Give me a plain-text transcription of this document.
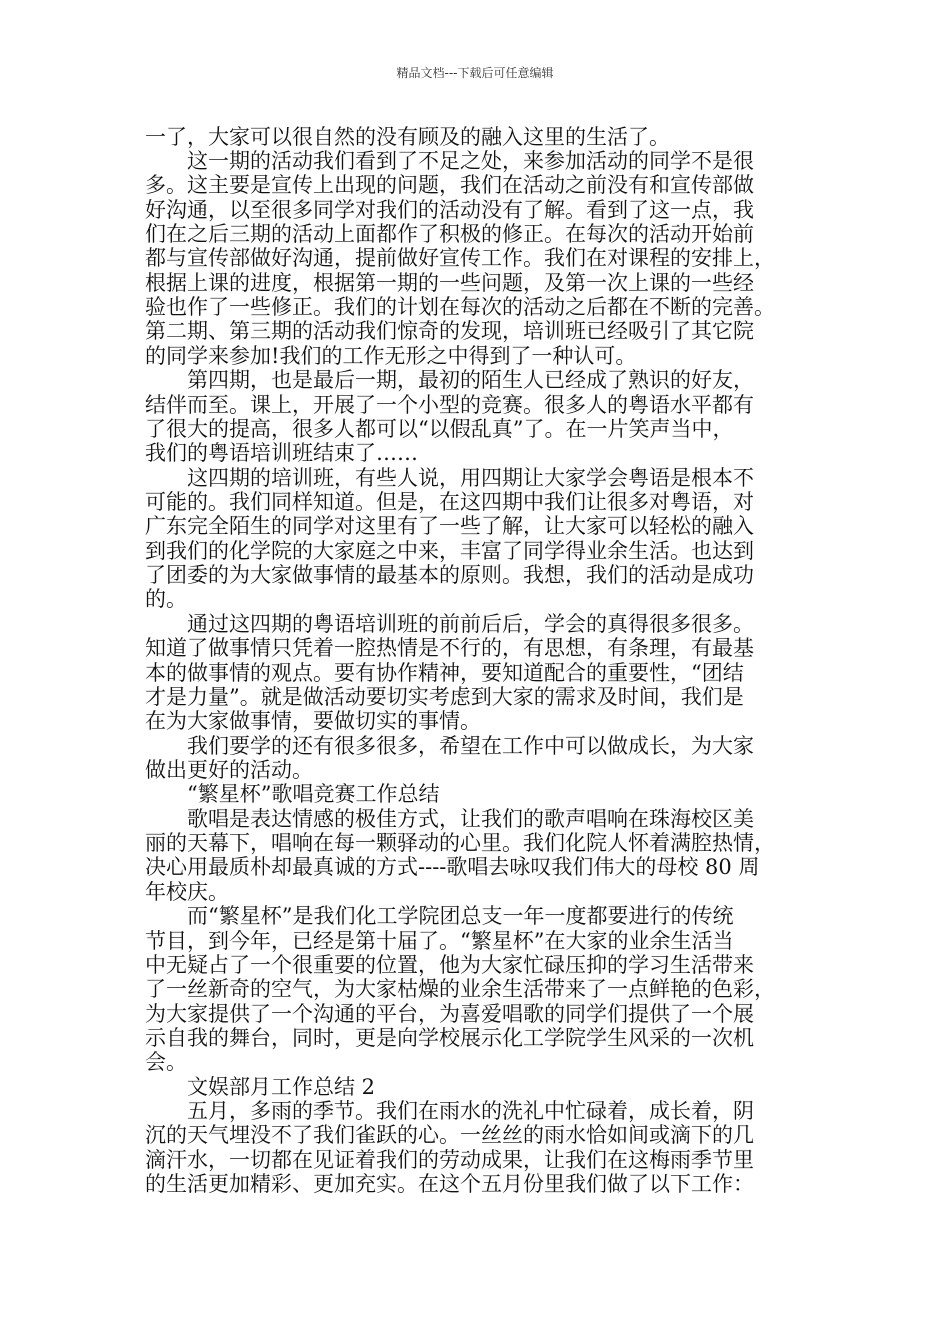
精品文档---下载后可任意编辑
一了，大家可以很自然的没有顾及的融入这里的生活了。
　　这一期的活动我们看到了不足之处，来参加活动的同学不是很
多。这主要是宣传上出现的问题，我们在活动之前没有和宣传部做
好沟通，以至很多同学对我们的活动没有了解。看到了这一点，我
们在之后三期的活动上面都作了积极的修正。在每次的活动开始前
都与宣传部做好沟通，提前做好宣传工作。我们在对课程的安排上，
根据上课的进度，根据第一期的一些问题，及第一次上课的一些经
验也作了一些修正。我们的计划在每次的活动之后都在不断的完善。
第二期、第三期的活动我们惊奇的发现，培训班已经吸引了其它院
的同学来参加!我们的工作无形之中得到了一种认可。
　　第四期，也是最后一期，最初的陌生人已经成了熟识的好友，
结伴而至。课上，开展了一个小型的竞赛。很多人的粤语水平都有
了很大的提高，很多人都可以“以假乱真”了。在一片笑声当中，
我们的粤语培训班结束了……
　　这四期的培训班，有些人说，用四期让大家学会粤语是根本不
可能的。我们同样知道。但是，在这四期中我们让很多对粤语，对
广东完全陌生的同学对这里有了一些了解，让大家可以轻松的融入
到我们的化学院的大家庭之中来，丰富了同学得业余生活。也达到
了团委的为大家做事情的最基本的原则。我想，我们的活动是成功
的。
　　通过这四期的粤语培训班的前前后后，学会的真得很多很多。
知道了做事情只凭着一腔热情是不行的，有思想，有条理，有最基
本的做事情的观点。要有协作精神，要知道配合的重要性，“团结
才是力量”。就是做活动要切实考虑到大家的需求及时间，我们是
在为大家做事情，要做切实的事情。
　　我们要学的还有很多很多，希望在工作中可以做成长，为大家
做出更好的活动。
　　“繁星杯”歌唱竞赛工作总结
　　歌唱是表达情感的极佳方式，让我们的歌声唱响在珠海校区美
丽的天幕下，唱响在每一颗驿动的心里。我们化院人怀着满腔热情，
决心用最质朴却最真诚的方式----歌唱去咏叹我们伟大的母校 80 周
年校庆。
　　而“繁星杯”是我们化工学院团总支一年一度都要进行的传统
节目，到今年，已经是第十届了。“繁星杯”在大家的业余生活当
中无疑占了一个很重要的位置，他为大家忙碌压抑的学习生活带来
了一丝新奇的空气，为大家枯燥的业余生活带来了一点鲜艳的色彩，
为大家提供了一个沟通的平台，为喜爱唱歌的同学们提供了一个展
示自我的舞台，同时，更是向学校展示化工学院学生风采的一次机
会。
　　文娱部月工作总结 2
　　五月，多雨的季节。我们在雨水的洗礼中忙碌着，成长着，阴
沉的天气埋没不了我们雀跃的心。一丝丝的雨水恰如间或滴下的几
滴汗水，一切都在见证着我们的劳动成果，让我们在这梅雨季节里
的生活更加精彩、更加充实。在这个五月份里我们做了以下工作：
